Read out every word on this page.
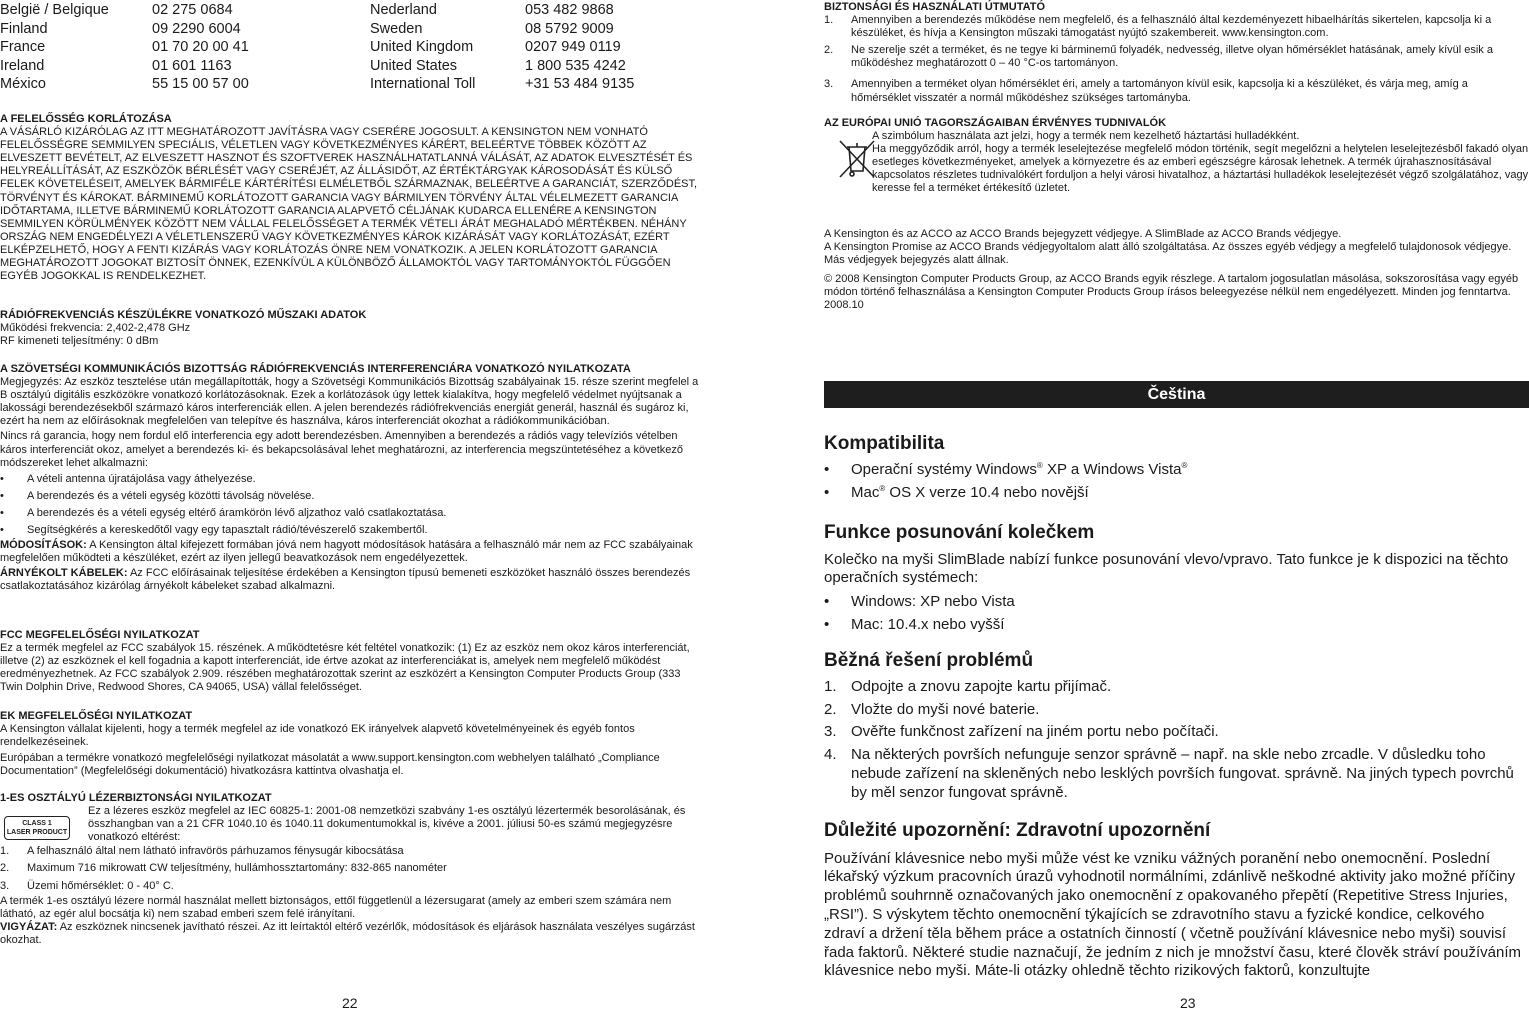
België / Belgique	02 275 0684	Nederland	053 482 9868
Finland	09 2290 6004	Sweden	08 5792 9009
France	01 70 20 00 41	United Kingdom	0207 949 0119
Ireland	01 601 1163	United States	1 800 535 4242
México	55 15 00 57 00	International Toll	+31 53 484 9135

A FELELŐSSÉG KORLÁTOZÁSA

A VÁSÁRLÓ KIZÁRÓLAG AZ ITT MEGHATÁROZOTT JAVÍTÁSRA VAGY CSERÉRE JOGOSULT. A KENSINGTON NEM VONHATÓ FELELŐSSÉGRE SEMMILYEN SPECIÁLIS, VÉLETLEN VAGY KÖVETKEZMÉNYES KÁRÉRT, BELEÉRTVE TÖBBEK KÖZÖTT AZ ELVESZETT BEVÉTELT, AZ ELVESZETT HASZNOT ÉS SZOFTVEREK HASZNÁLHATATLANNÁ VÁLÁSÁT, AZ ADATOK ELVESZTÉSÉT ÉS HELYREÁLLÍTÁSÁT, AZ ESZKÖZÖK BÉRLÉSÉT VAGY CSERÉJÉT, AZ ÁLLÁSIDŐT, AZ ÉRTÉKTÁRGYAK KÁROSODÁSÁT ÉS KÜLSŐ FELEK KÖVETELÉSEIT, AMELYEK BÁRMIFÉLE KÁRTÉRÍTÉSI ELMÉLETBŐL SZÁRMAZNAK, BELEÉRTVE A GARANCIÁT, SZERZŐDÉST, TÖRVÉNYT ÉS KÁROKAT. BÁRMINEMŰ KORLÁTOZOTT GARANCIA VAGY BÁRMILYEN TÖRVÉNY ÁLTAL VÉLELMEZETT GARANCIA IDŐTARTAMA, ILLETVE BÁRMINEMŰ KORLÁTOZOTT GARANCIA ALAPVETŐ CÉLJÁNAK KUDARCA ELLENÉRE A KENSINGTON SEMMILYEN KÖRÜLMÉNYEK KÖZÖTT NEM VÁLLAL FELELŐSSÉGET A TERMÉK VÉTELI ÁRÁT MEGHALADÓ MÉRTÉKBEN. NÉHÁNY ORSZÁG NEM ENGEDÉLYEZI A VÉLETLENSZERŰ VAGY KÖVETKEZMÉNYES KÁROK KIZÁRÁSÁT VAGY KORLÁTOZÁSÁT, EZÉRT ELKÉPZELHETŐ, HOGY A FENTI KIZÁRÁS VAGY KORLÁTOZÁS ÖNRE NEM VONATKOZIK. A JELEN KORLÁTOZOTT GARANCIA MEGHATÁROZOTT JOGOKAT BIZTOSÍT ÖNNEK, EZENKÍVÜL A KÜLÖNBÖZŐ ÁLLAMOKTÓL VAGY TARTOMÁNYOKTÓL FÜGGŐEN EGYÉB JOGOKKAL IS RENDELKEZHET.

RÁDIÓFREKVENCIÁS KÉSZÜLÉKRE VONATKOZÓ MŰSZAKI ADATOK

Működési frekvencia: 2,402-2,478 GHz

RF kimeneti teljesítmény: 0 dBm

A SZÖVETSÉGI KOMMUNIKÁCIÓS BIZOTTSÁG RÁDIÓFREKVENCIÁS INTERFERENCIÁRA VONATKOZÓ NYILATKOZATA

Megjegyzés: Az eszköz tesztelése után megállapították, hogy a Szövetségi Kommunikációs Bizottság szabályainak 15. része szerint megfelel a B osztályú digitális eszközökre vonatkozó korlátozásoknak. Ezek a korlátozások úgy lettek kialakítva, hogy megfelelő védelmet nyújtsanak a lakossági berendezésekből származó káros interferenciák ellen. A jelen berendezés rádiófrekvenciás energiát generál, használ és sugároz ki, ezért ha nem az előírásoknak megfelelően van telepítve és használva, káros interferenciát okozhat a rádiókommunikációban.

Nincs rá garancia, hogy nem fordul elő interferencia egy adott berendezésben. Amennyiben a berendezés a rádiós vagy televíziós vételben káros interferenciát okoz, amelyet a berendezés ki- és bekapcsolásával lehet meghatározni, az interferencia megszüntetéséhez a következő módszereket lehet alkalmazni:

• A vételi antenna újratájolása vagy áthelyezése.
• A berendezés és a vételi egység közötti távolság növelése.
• A berendezés és a vételi egység eltérő áramkörön lévő aljzathoz való csatlakoztatása.
• Segítségkérés a kereskedőtől vagy egy tapasztalt rádió/tévészerelő szakembertől.

MÓDOSÍTÁSOK: A Kensington által kifejezett formában jóvá nem hagyott módosítások hatására a felhasználó már nem az FCC szabályainak megfelelően működteti a készüléket, ezért az ilyen jellegű beavatkozások nem engedélyezettek.

ÁRNYÉKOLT KÁBELEK: Az FCC előírásainak teljesítése érdekében a Kensington típusú bemeneti eszközöket használó összes berendezés csatlakoztatásához kizárólag árnyékolt kábeleket szabad alkalmazni.

FCC MEGFELELŐSÉGI NYILATKOZAT

Ez a termék megfelel az FCC szabályok 15. részének. A működtetésre két feltétel vonatkozik: (1) Ez az eszköz nem okoz káros interferenciát, illetve (2) az eszköznek el kell fogadnia a kapott interferenciát, ide értve azokat az interferenciákat is, amelyek nem megfelelő működést eredményezhetnek. Az FCC szabályok 2.909. részében meghatározottak szerint az eszközért a Kensington Computer Products Group (333 Twin Dolphin Drive, Redwood Shores, CA 94065, USA) vállal felelősséget.

EK MEGFELELŐSÉGI NYILATKOZAT

A Kensington vállalat kijelenti, hogy a termék megfelel az ide vonatkozó EK irányelvek alapvető követelményeinek és egyéb fontos rendelkezéseinek.

Európában a termékre vonatkozó megfelelőségi nyilatkozat másolatát a www.support.kensington.com webhelyen található „Compliance Documentation” (Megfelelőségi dokumentáció) hivatkozásra kattintva olvashatja el.

1-ES OSZTÁLYÚ LÉZERBIZTONSÁGI NYILATKOZAT

CLASS 1
LASER PRODUCT

Ez a lézeres eszköz megfelel az IEC 60825-1: 2001-08 nemzetközi szabvány 1-es osztályú lézertermék besorolásának, és összhangban van a 21 CFR 1040.10 és 1040.11 dokumentumokkal is, kivéve a 2001. júliusi 50-es számú megjegyzésre vonatkozó eltérést:

1. A felhasználó által nem látható infravörös párhuzamos fénysugár kibocsátása
2. Maximum 716 mikrowatt CW teljesítmény, hullámhossztartomány: 832-865 nanométer
3. Üzemi hőmérséklet: 0 - 40° C.

A termék 1-es osztályú lézere normál használat mellett biztonságos, ettől függetlenül a lézersugarat (amely az emberi szem számára nem látható, az egér alul bocsátja ki) nem szabad emberi szem felé irányítani.

VIGYÁZAT: Az eszköznek nincsenek javítható részei. Az itt leírtaktól eltérő vezérlők, módosítások és eljárások használata veszélyes sugárzást okozhat.

22

BIZTONSÁGI ÉS HASZNÁLATI ÚTMUTATÓ

1. Amennyiben a berendezés működése nem megfelelő, és a felhasználó által kezdeményezett hibaelhárítás sikertelen, kapcsolja ki a készüléket, és hívja a Kensington műszaki támogatást nyújtó szakembereit. www.kensington.com.
2. Ne szerelje szét a terméket, és ne tegye ki bárminemű folyadék, nedvesség, illetve olyan hőmérséklet hatásának, amely kívül esik a működéshez meghatározott 0 – 40 °C-os tartományon.
3. Amennyiben a terméket olyan hőmérséklet éri, amely a tartományon kívül esik, kapcsolja ki a készüléket, és várja meg, amíg a hőmérséklet visszatér a normál működéshez szükséges tartományba.

AZ EURÓPAI UNIÓ TAGORSZÁGAIBAN ÉRVÉNYES TUDNIVALÓK

A szimbólum használata azt jelzi, hogy a termék nem kezelhető háztartási hulladékként.

Ha meggyőződik arról, hogy a termék leselejtezése megfelelő módon történik, segít megelőzni a helytelen leselejtezésből fakadó olyan esetleges következményeket, amelyek a környezetre és az emberi egészségre károsak lehetnek. A termék újrahasznosításával kapcsolatos részletes tudnivalókért forduljon a helyi városi hivatalhoz, a háztartási hulladékok leselejtezését végző szolgálatához, vagy keresse fel a terméket értékesítő üzletet.

A Kensington és az ACCO az ACCO Brands bejegyzett védjegye. A SlimBlade az ACCO Brands védjegye.

A Kensington Promise az ACCO Brands védjegyoltalom alatt álló szolgáltatása. Az összes egyéb védjegy a megfelelő tulajdonosok védjegye. Más védjegyek bejegyzés alatt állnak.

© 2008 Kensington Computer Products Group, az ACCO Brands egyik részlege. A tartalom jogosulatlan másolása, sokszorosítása vagy egyéb módon történő felhasználása a Kensington Computer Products Group írásos beleegyezése nélkül nem engedélyezett. Minden jog fenntartva. 2008.10

Čeština

Kompatibilita

• Operační systémy Windows® XP a Windows Vista®
• Mac® OS X verze 10.4 nebo novější

Funkce posunování kolečkem

Kolečko na myši SlimBlade nabízí funkce posunování vlevo/vpravo. Tato funkce je k dispozici na těchto operačních systémech:

• Windows: XP nebo Vista
• Mac: 10.4.x nebo vyšší

Běžná řešení problémů

1. Odpojte a znovu zapojte kartu přijímač.
2. Vložte do myši nové baterie.
3. Ověřte funkčnost zařízení na jiném portu nebo počítači.
4. Na některých površích nefunguje senzor správně – např. na skle nebo zrcadle. V důsledku toho nebude zařízení na skleněných nebo lesklých površích fungovat. správně. Na jiných typech povrchů by měl senzor fungovat správně.

Důležité upozornění: Zdravotní upozornění

Používání klávesnice nebo myši může vést ke vzniku vážných poranění nebo onemocnění. Poslední lékařský výzkum pracovních úrazů vyhodnotil normálními, zdánlivě neškodné aktivity jako možné příčiny problémů souhrnně označovaných jako onemocnění z opakovaného přepětí (Repetitive Stress Injuries,„RSI”). S výskytem těchto onemocnění týkajících se zdravotního stavu a fyzické kondice, celkového zdraví a držení těla během práce a ostatních činností ( včetně používání klávesnice nebo myši) souvisí řada faktorů. Některé studie naznačují, že jedním z nich je množství času, které člověk stráví používáním klávesnice nebo myši. Máte-li otázky ohledně těchto rizikových faktorů, konzultujte

23
